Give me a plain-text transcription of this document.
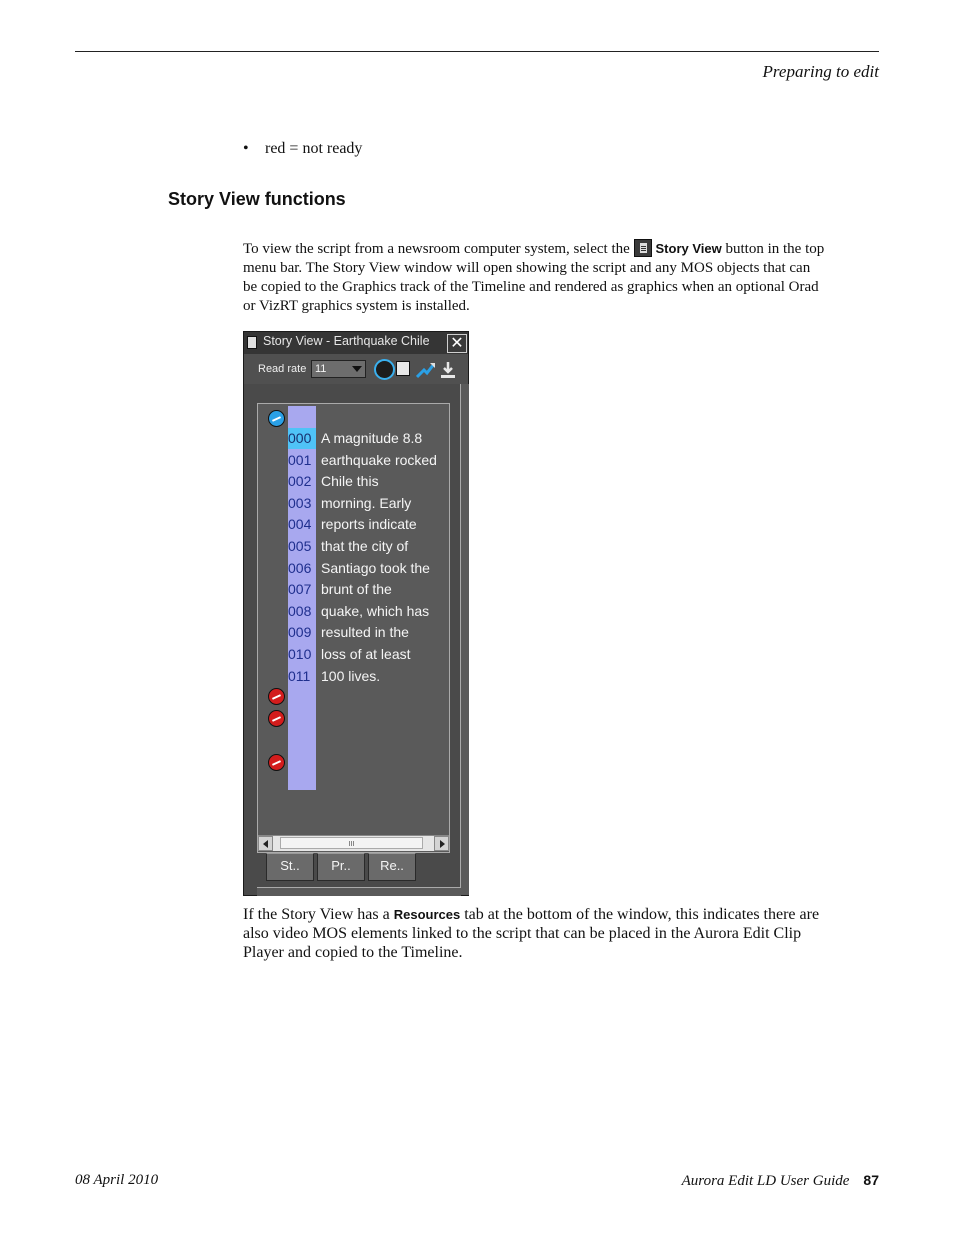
Preparing to edit
• red = not ready
Story View functions
To view the script from a newsroom computer system, select the Story View button in the top menu bar. The Story View window will open showing the script and any MOS objects that can be copied to the Graphics track of the Timeline and rendered as graphics when an optional Orad or VizRT graphics system is installed.
Story View - Earthquake Chile ✕
Read rate 11
000 A magnitude 8.8
001 earthquake rocked
002 Chile this
003 morning. Early
004 reports indicate
005 that the city of
006 Santiago took the
007 brunt of the
008 quake, which has
009 resulted in the
010 loss of at least
011 100 lives.
St..	Pr..	Re..
If the Story View has a Resources tab at the bottom of the window, this indicates there are also video MOS elements linked to the script that can be placed in the Aurora Edit Clip Player and copied to the Timeline.
08 April 2010	Aurora Edit LD User Guide 87
